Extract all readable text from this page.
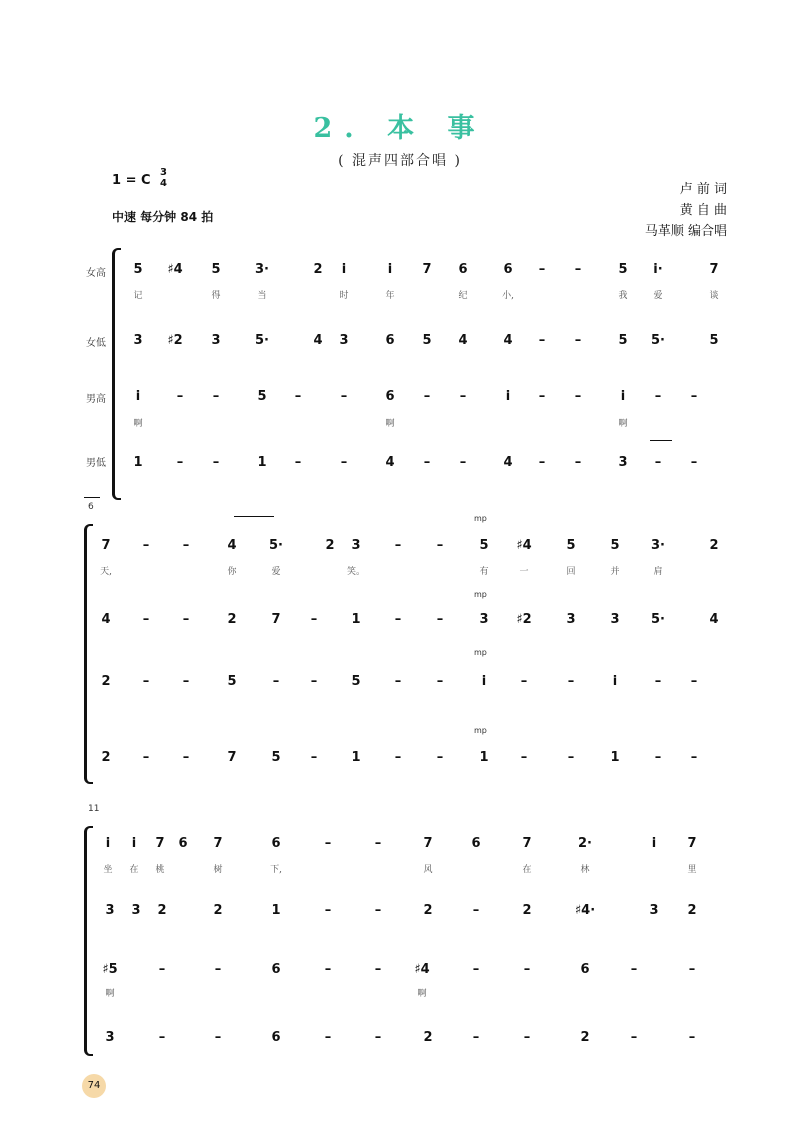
2. 本 事
( 混声四部合唱 )
1 = C
3
4
中速 每分钟 84 拍
卢 前 词
黄 自 曲
马革顺 编合唱
女高
女低
男高
男低
6
mp
mp
mp
mp
11
5 ♯4 5	3·	2 i	i 7 6	6 – –	5 i·	7
记	得	当	时	年	纪	小,	我	爱	谈
3 ♯2 3	5·	4 3	6 5 4	4 – –	5 5·	5
i	– –	5 –	–	6 – –	i – –	i – –
啊	啊	啊
1	– –	1 –	–	4 – –	4 – –	3 – –
7 –	–	4 5·	2 3	–	–	5 ♯4	5	5 3·	2
天,	你	爱	笑。	有	一	回	并	肩
4 –	–	2	7 –	1	–	–	3 ♯2	3	3 5·	4
2 –	–	5	– –	5	–	–	i	–	–	i	– –
2 –	–	7	5 –	1	–	–	1 –	–	1	– –
i i 7 6 7	6	–	–	7	6	7	2·	i 7
坐 在 桃	树	下,	风	在	林	里
3 3 2	2	1	–	–	2	–	2	♯4·	3 2
♯5	–	–	6	–	–	♯4	–	–	6	–	–
啊	啊
3	–	–	6	–	–	2	–	–	2	–	–
74
